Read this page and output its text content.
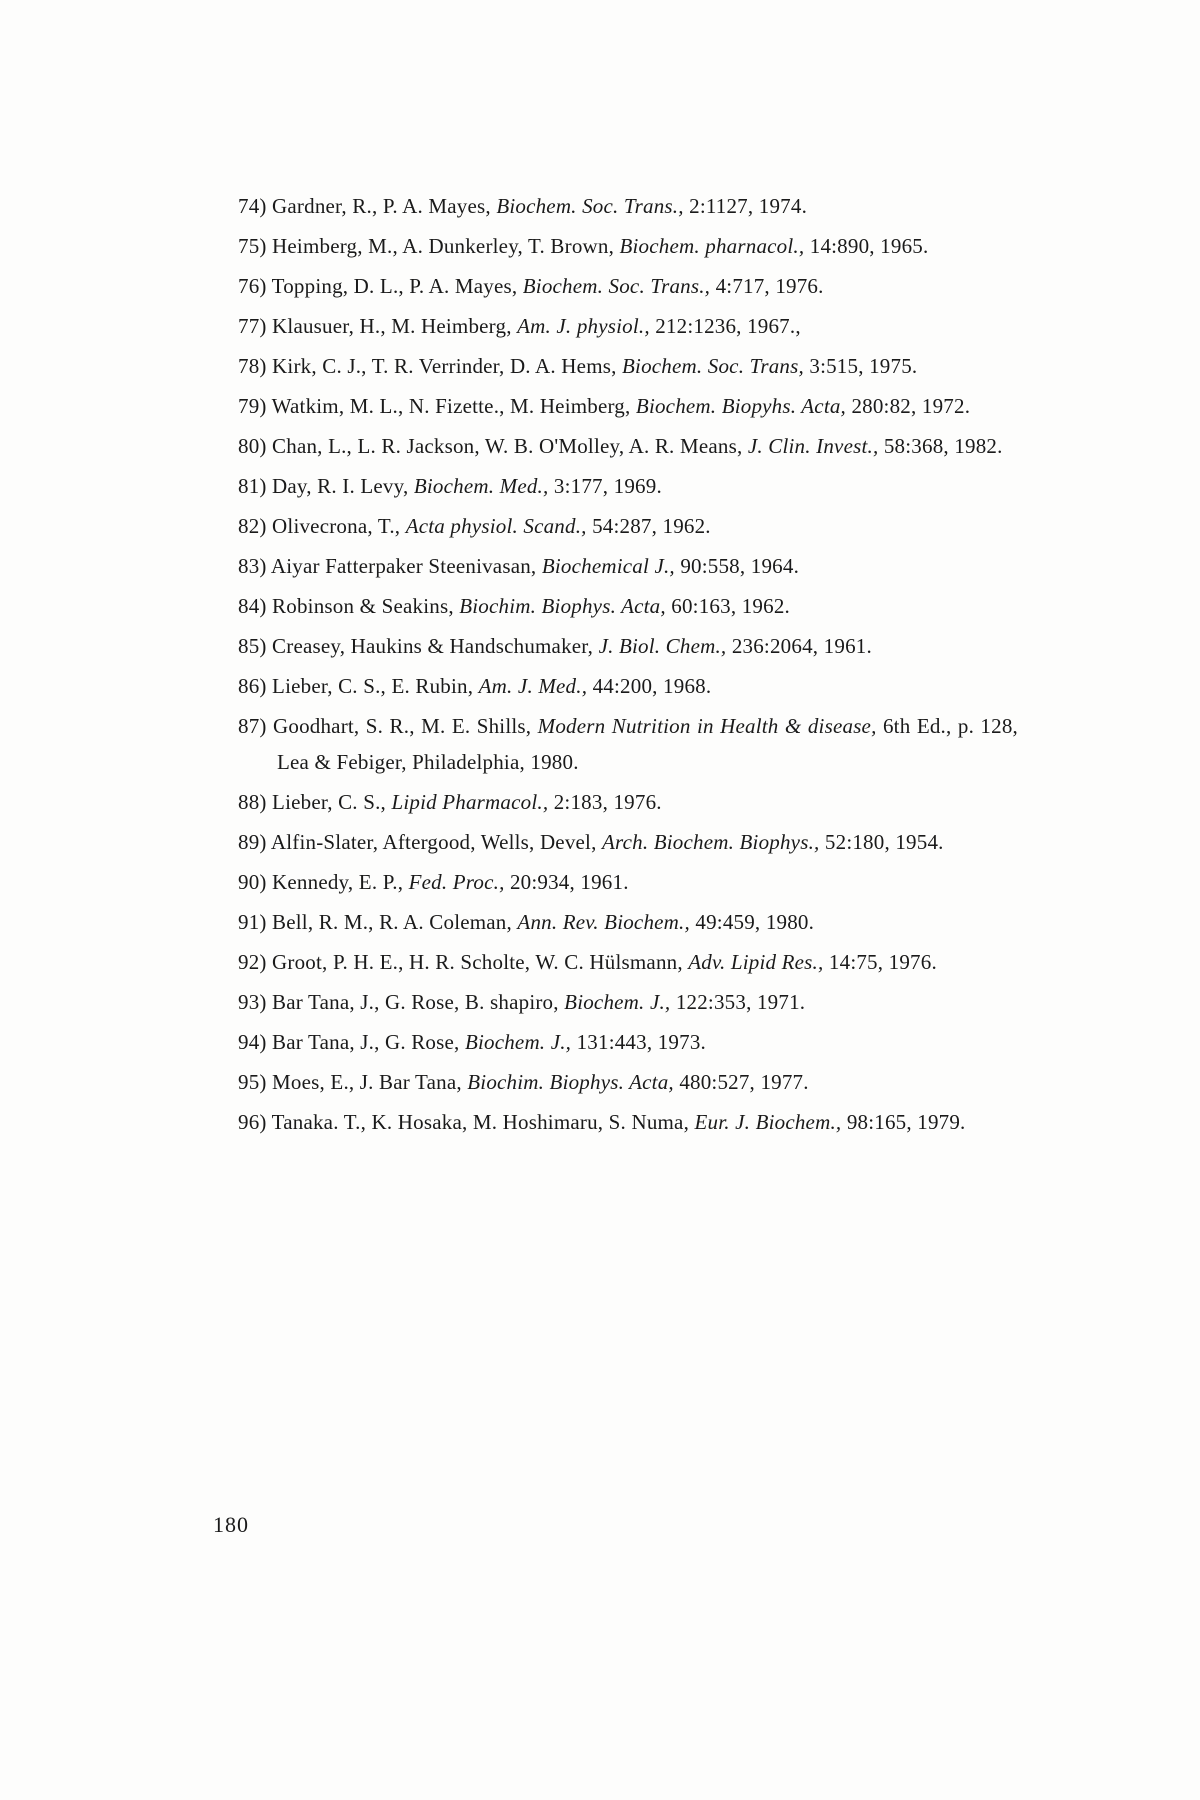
74) Gardner, R., P. A. Mayes, Biochem. Soc. Trans., 2:1127, 1974.
75) Heimberg, M., A. Dunkerley, T. Brown, Biochem. pharnacol., 14:890, 1965.
76) Topping, D. L., P. A. Mayes, Biochem. Soc. Trans., 4:717, 1976.
77) Klausuer, H., M. Heimberg, Am. J. physiol., 212:1236, 1967.,
78) Kirk, C. J., T. R. Verrinder, D. A. Hems, Biochem. Soc. Trans, 3:515, 1975.
79) Watkim, M. L., N. Fizette., M. Heimberg, Biochem. Biopyhs. Acta, 280:82, 1972.
80) Chan, L., L. R. Jackson, W. B. O'Molley, A. R. Means, J. Clin. Invest., 58:368, 1982.
81) Day, R. I. Levy, Biochem. Med., 3:177, 1969.
82) Olivecrona, T., Acta physiol. Scand., 54:287, 1962.
83) Aiyar Fatterpaker Steenivasan, Biochemical J., 90:558, 1964.
84) Robinson & Seakins, Biochim. Biophys. Acta, 60:163, 1962.
85) Creasey, Haukins & Handschumaker, J. Biol. Chem., 236:2064, 1961.
86) Lieber, C. S., E. Rubin, Am. J. Med., 44:200, 1968.
87) Goodhart, S. R., M. E. Shills, Modern Nutrition in Health & disease, 6th Ed., p. 128, Lea & Febiger, Philadelphia, 1980.
88) Lieber, C. S., Lipid Pharmacol., 2:183, 1976.
89) Alfin-Slater, Aftergood, Wells, Devel, Arch. Biochem. Biophys., 52:180, 1954.
90) Kennedy, E. P., Fed. Proc., 20:934, 1961.
91) Bell, R. M., R. A. Coleman, Ann. Rev. Biochem., 49:459, 1980.
92) Groot, P. H. E., H. R. Scholte, W. C. Hülsmann, Adv. Lipid Res., 14:75, 1976.
93) Bar Tana, J., G. Rose, B. shapiro, Biochem. J., 122:353, 1971.
94) Bar Tana, J., G. Rose, Biochem. J., 131:443, 1973.
95) Moes, E., J. Bar Tana, Biochim. Biophys. Acta, 480:527, 1977.
96) Tanaka. T., K. Hosaka, M. Hoshimaru, S. Numa, Eur. J. Biochem., 98:165, 1979.
180
